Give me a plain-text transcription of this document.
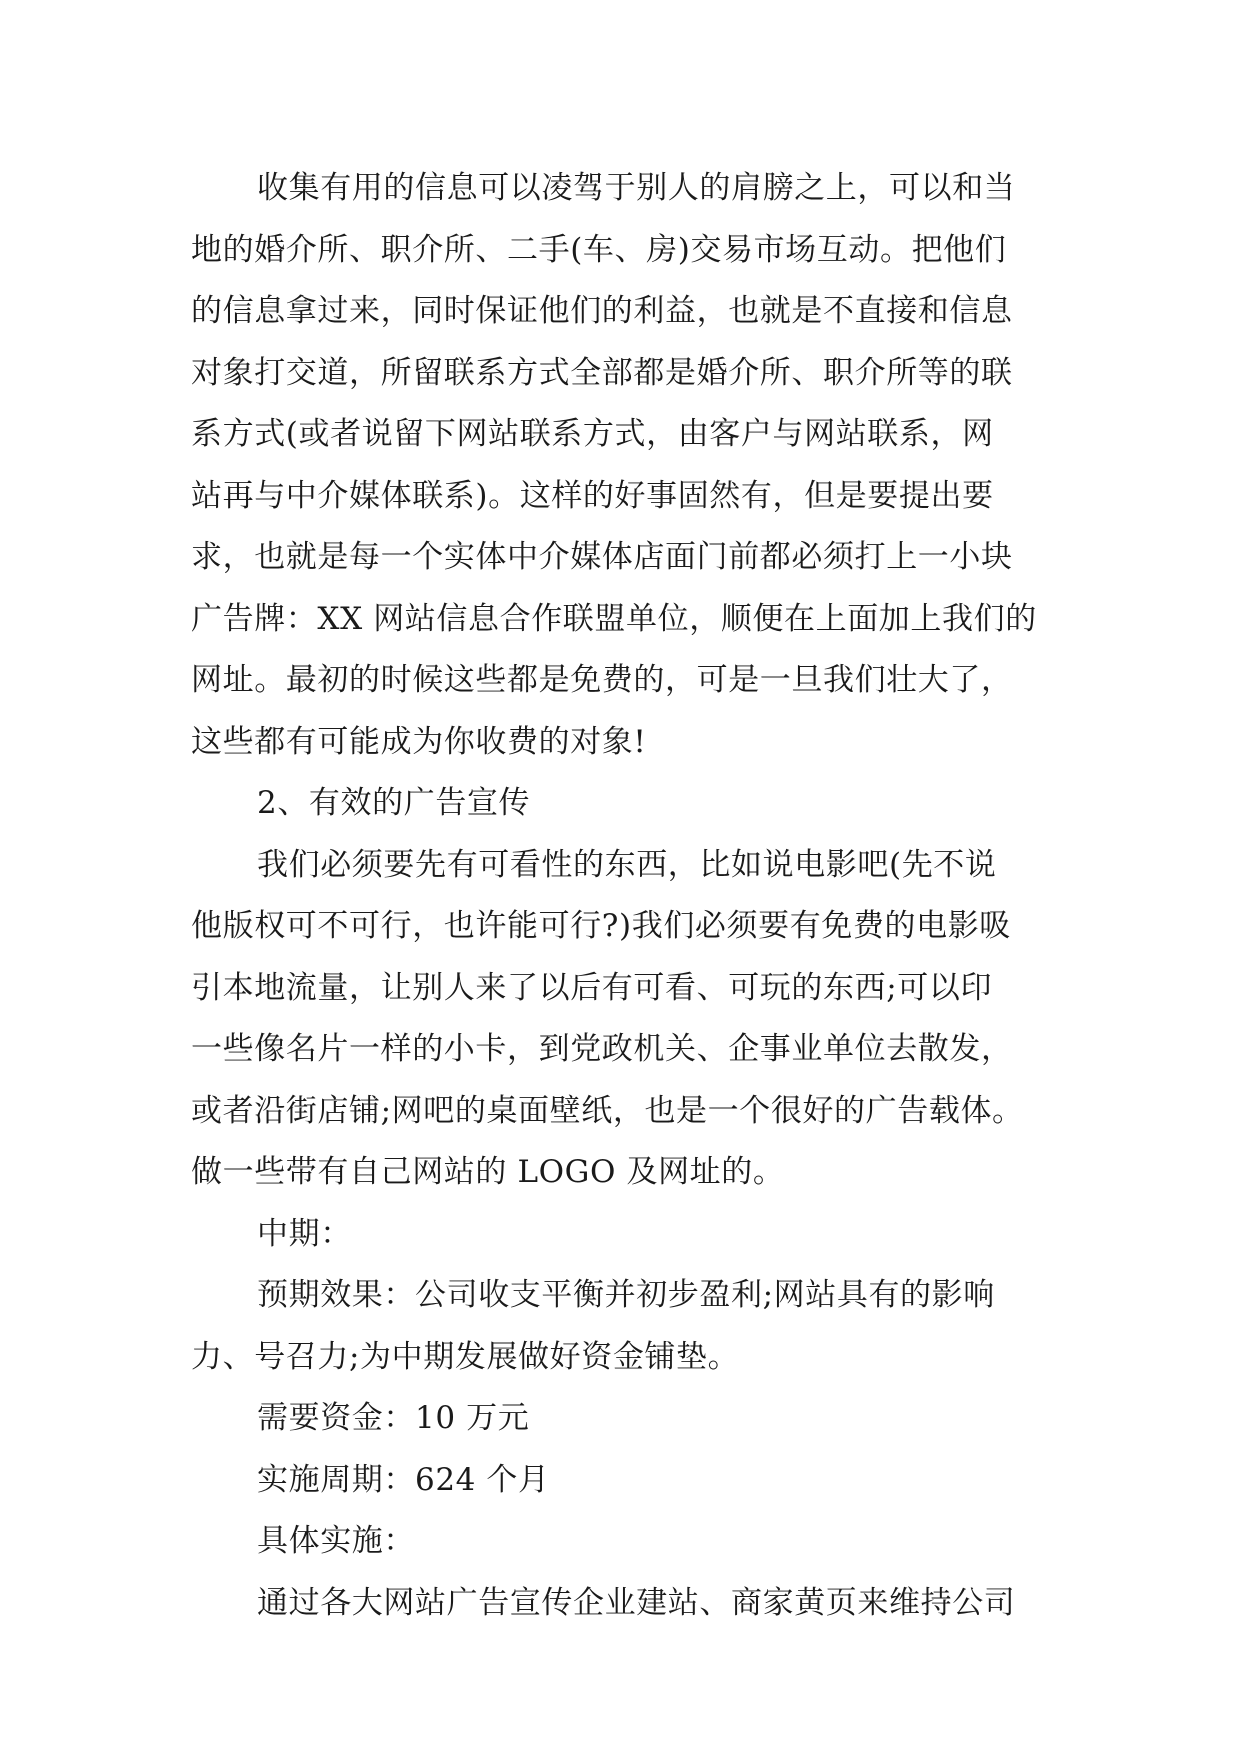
收集有用的信息可以凌驾于别人的肩膀之上，可以和当
地的婚介所、职介所、二手(车、房)交易市场互动。把他们
的信息拿过来，同时保证他们的利益，也就是不直接和信息
对象打交道，所留联系方式全部都是婚介所、职介所等的联
系方式(或者说留下网站联系方式，由客户与网站联系，网
站再与中介媒体联系)。这样的好事固然有，但是要提出要
求，也就是每一个实体中介媒体店面门前都必须打上一小块
广告牌：XX 网站信息合作联盟单位，顺便在上面加上我们的
网址。最初的时候这些都是免费的，可是一旦我们壮大了，
这些都有可能成为你收费的对象!
2、有效的广告宣传
我们必须要先有可看性的东西，比如说电影吧(先不说
他版权可不可行，也许能可行?)我们必须要有免费的电影吸
引本地流量，让别人来了以后有可看、可玩的东西;可以印
一些像名片一样的小卡，到党政机关、企事业单位去散发，
或者沿街店铺;网吧的桌面壁纸，也是一个很好的广告载体。
做一些带有自己网站的 LOGO 及网址的。
中期：
预期效果：公司收支平衡并初步盈利;网站具有的影响
力、号召力;为中期发展做好资金铺垫。
需要资金：10 万元
实施周期：624 个月
具体实施：
通过各大网站广告宣传企业建站、商家黄页来维持公司
